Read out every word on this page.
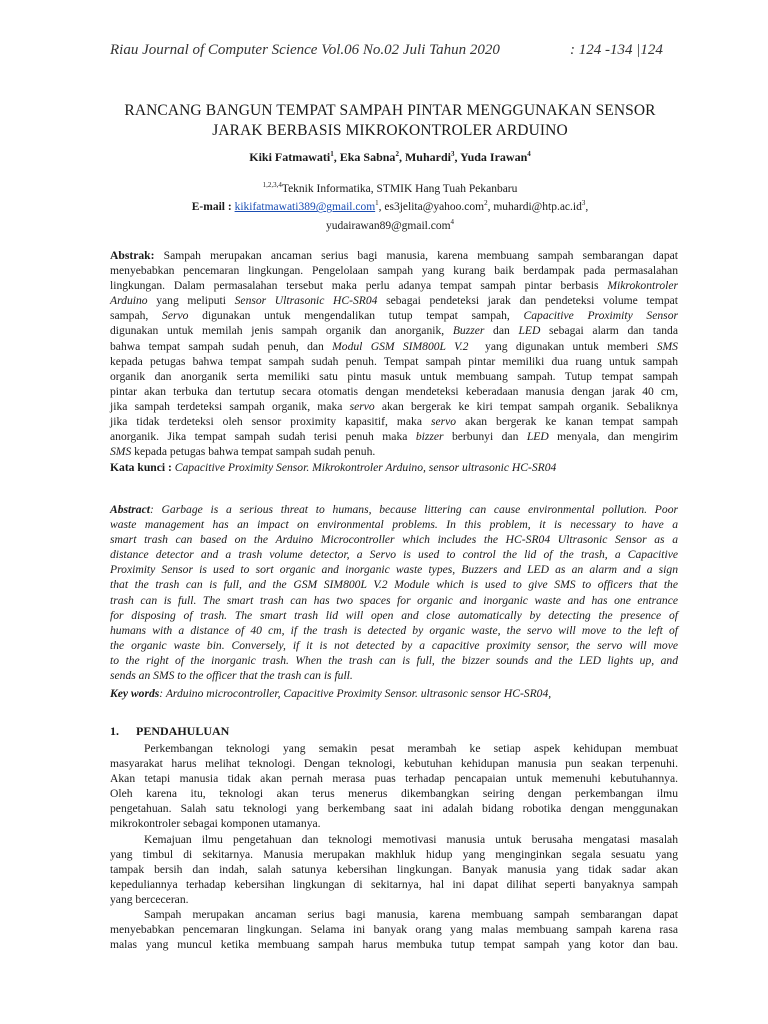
Riau Journal of Computer Science Vol.06 No.02 Juli Tahun 2020	: 124 -134 |124
RANCANG BANGUN TEMPAT SAMPAH PINTAR MENGGUNAKAN SENSOR
JARAK BERBASIS MIKROKONTROLER ARDUINO
Kiki Fatmawati$^1$, Eka Sabna$^2$, Muhardi$^3$, Yuda Irawan$^4$
$^{1,2,3,4}$Teknik Informatika, STMIK Hang Tuah Pekanbaru
E-mail : kikifatmawati389@gmail.com$^1$, es3jelita@yahoo.com$^2$, $muhardi@htp.ac.id^3$,
yudairawan89@gmail.com$^4$
Abstrak: Sampah merupakan ancaman serius bagi manusia, karena membuang sampah sembarangan dapat
menyebabkan pencemaran lingkungan. Pengelolaan sampah yang kurang baik berdampak pada permasalahan
lingkungan. Dalam permasalahan tersebut maka perlu adanya tempat sampah pintar berbasis Mikrokontroler
Arduino yang meliputi Sensor Ultrasonic HC-SR04 sebagai pendeteksi jarak dan pendeteksi volume tempat
sampah, Servo digunakan untuk mengendalikan tutup tempat sampah, Capacitive Proximity Sensor
digunakan untuk memilah jenis sampah organik dan anorganik, Buzzer dan LED sebagai alarm dan tanda
bahwa tempat sampah sudah penuh, dan Modul GSM SIM800L V.2  yang digunakan untuk memberi SMS
kepada petugas bahwa tempat sampah sudah penuh. Tempat sampah pintar memiliki dua ruang untuk sampah
organik dan anorganik serta memiliki satu pintu masuk untuk membuang sampah. Tutup tempat sampah
pintar akan terbuka dan tertutup secara otomatis dengan mendeteksi keberadaan manusia dengan jarak 40 cm,
jika sampah terdeteksi sampah organik, maka servo akan bergerak ke kiri tempat sampah organik. Sebaliknya
jika tidak terdeteksi oleh sensor proximity kapasitif, maka servo akan bergerak ke kanan tempat sampah
anorganik. Jika tempat sampah sudah terisi penuh maka bizzer berbunyi dan LED menyala, dan mengirim
SMS kepada petugas bahwa tempat sampah sudah penuh.
Kata kunci : Capacitive Proximity Sensor. Mikrokontroler Arduino, sensor ultrasonic HC-SR04
Abstract: Garbage is a serious threat to humans, because littering can cause environmental pollution. Poor
waste management has an impact on environmental problems. In this problem, it is necessary to have a
smart trash can based on the Arduino Microcontroller which includes the HC-SR04 Ultrasonic Sensor as a
distance detector and a trash volume detector, a Servo is used to control the lid of the trash, a Capacitive
Proximity Sensor is used to sort organic and inorganic waste types, Buzzers and LED as an alarm and a sign
that the trash can is full, and the GSM SIM800L V.2 Module which is used to give SMS to officers that the
trash can is full. The smart trash can has two spaces for organic and inorganic waste and has one entrance
for disposing of trash. The smart trash lid will open and close automatically by detecting the presence of
humans with a distance of 40 cm, if the trash is detected by organic waste, the servo will move to the left of
the organic waste bin. Conversely, if it is not detected by a capacitive proximity sensor, the servo will move
to the right of the inorganic trash. When the trash can is full, the bizzer sounds and the LED lights up, and
sends an SMS to the officer that the trash can is full.
Key words: Arduino microcontroller, Capacitive Proximity Sensor. ultrasonic sensor HC-SR04,
1. PENDAHULUAN
Perkembangan teknologi yang semakin pesat merambah ke setiap aspek kehidupan membuat
masyarakat harus melihat teknologi. Dengan teknologi, kebutuhan kehidupan manusia pun seakan terpenuhi.
Akan tetapi manusia tidak akan pernah merasa puas terhadap pencapaian untuk memenuhi kebutuhannya.
Oleh karena itu, teknologi akan terus menerus dikembangkan seiring dengan perkembangan ilmu
pengetahuan. Salah satu teknologi yang berkembang saat ini adalah bidang robotika dengan menggunakan
mikrokontroler sebagai komponen utamanya.
Kemajuan ilmu pengetahuan dan teknologi memotivasi manusia untuk berusaha mengatasi masalah
yang timbul di sekitarnya. Manusia merupakan makhluk hidup yang menginginkan segala sesuatu yang
tampak bersih dan indah, salah satunya kebersihan lingkungan. Banyak manusia yang tidak sadar akan
kepeduliannya terhadap kebersihan lingkungan di sekitarnya, hal ini dapat dilihat seperti banyaknya sampah
yang berceceran.
Sampah merupakan ancaman serius bagi manusia, karena membuang sampah sembarangan dapat
menyebabkan pencemaran lingkungan. Selama ini banyak orang yang malas membuang sampah karena rasa
malas yang muncul ketika membuang sampah harus membuka tutup tempat sampah yang kotor dan bau.
